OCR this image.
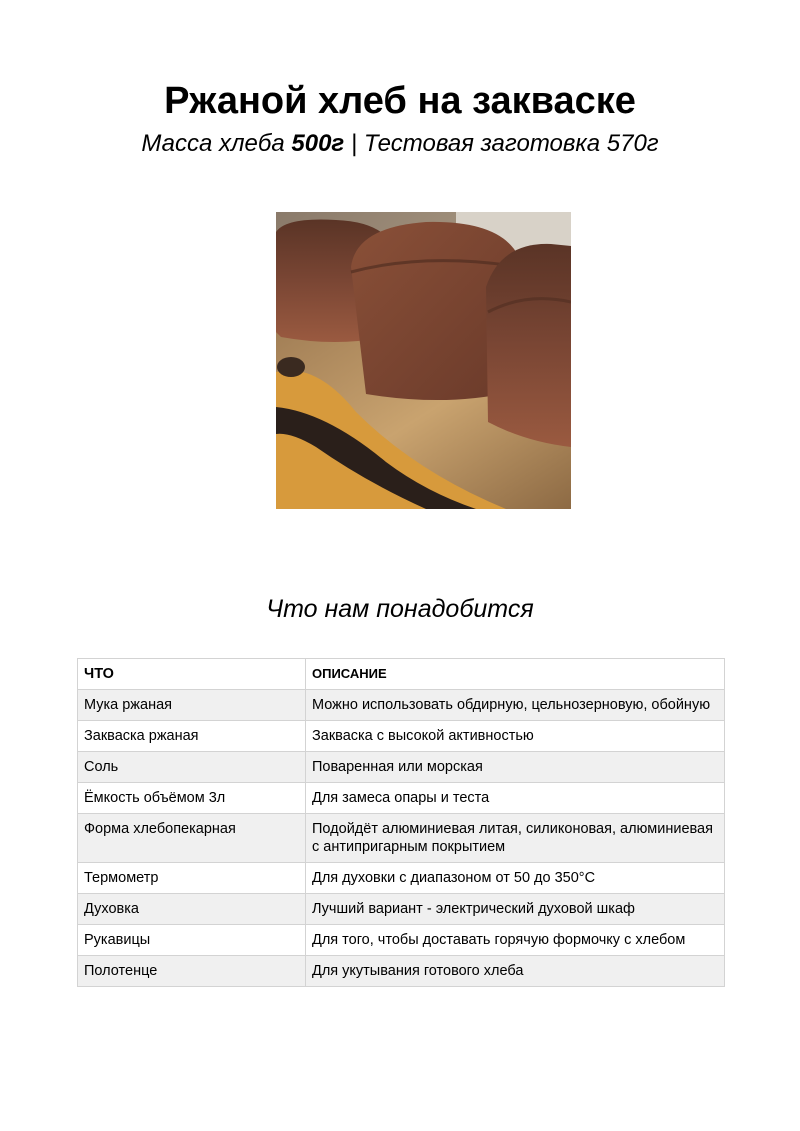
Ржаной хлеб на закваске
Масса хлеба 500г | Тестовая заготовка 570г
Что нам понадобится
ЧТО	ОПИСАНИЕ
Мука ржаная	Можно использовать обдирную, цельнозерновую, обойную
Закваска ржаная	Закваска с высокой активностью
Соль	Поваренная или морская
Ёмкость объёмом 3л	Для замеса опары и теста
Форма хлебопекарная	Подойдёт алюминиевая литая, силиконовая, алюминиевая с антипригарным покрытием
Термометр	Для духовки с диапазоном от 50 до 350°C
Духовка	Лучший вариант - электрический духовой шкаф
Рукавицы	Для того, чтобы доставать горячую формочку с хлебом
Полотенце	Для укутывания готового хлеба
